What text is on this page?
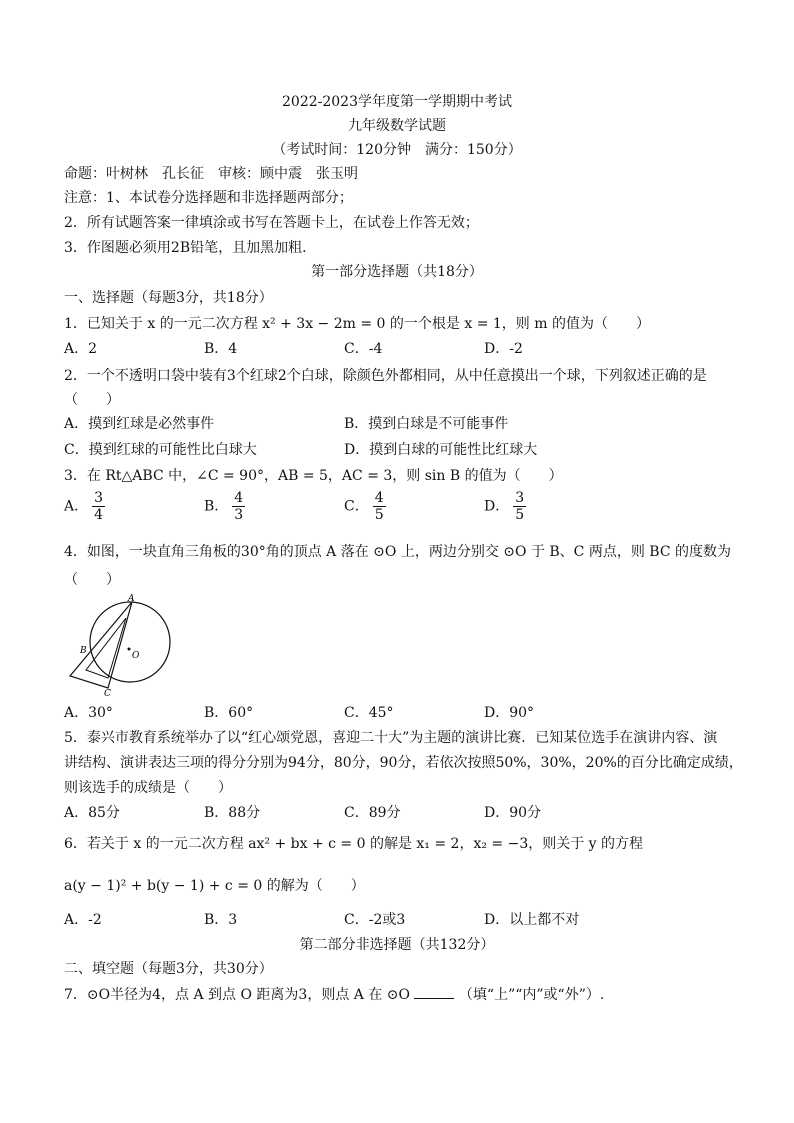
2022-2023学年度第一学期期中考试
九年级数学试题
（考试时间：120分钟　满分：150分）
命题：叶树林　孔长征　审核：顾中震　张玉明
注意：1、本试卷分选择题和非选择题两部分；
2．所有试题答案一律填涂或书写在答题卡上，在试卷上作答无效；
3．作图题必须用2B铅笔，且加黑加粗．
第一部分选择题（共18分）
一、选择题（每题3分，共18分）
1．已知关于 x 的一元二次方程 x² + 3x − 2m = 0 的一个根是 x = 1，则 m 的值为（　　）
A．2	B．4	C．-4	D．-2
2．一个不透明口袋中装有3个红球2个白球，除颜色外都相同，从中任意摸出一个球，下列叙述正确的是
（　　）
A．摸到红球是必然事件	B．摸到白球是不可能事件
C．摸到红球的可能性比白球大	D．摸到白球的可能性比红球大
3．在 Rt△ABC 中，∠C = 90°，AB = 5，AC = 3，则 sin B 的值为（　　）
A． $\frac{3}{4}$	B． $\frac{4}{3}$	C． $\frac{4}{5}$	D． $\frac{3}{5}$
4．如图，一块直角三角板的30°角的顶点 A 落在 ⊙O 上，两边分别交 ⊙O 于 B、C 两点，则 BC 的度数为
（　　）
A
B
C
O
A．30°	B．60°	C．45°	D．90°
5．泰兴市教育系统举办了以“红心颂党恩，喜迎二十大”为主题的演讲比赛．已知某位选手在演讲内容、演
讲结构、演讲表达三项的得分分别为94分，80分，90分，若依次按照50%，30%，20%的百分比确定成绩，
则该选手的成绩是（　　）
A．85分	B．88分	C．89分	D．90分
6．若关于 x 的一元二次方程 ax² + bx + c = 0 的解是 x₁ = 2，x₂ = −3，则关于 y 的方程
a(y − 1)² + b(y − 1) + c = 0 的解为（　　）
A．-2	B．3	C．-2或3	D．以上都不对
第二部分非选择题（共132分）
二、填空题（每题3分，共30分）
7．⊙O半径为4，点 A 到点 O 距离为3，则点 A 在 ⊙O	（填“上”“内”或“外”）.
